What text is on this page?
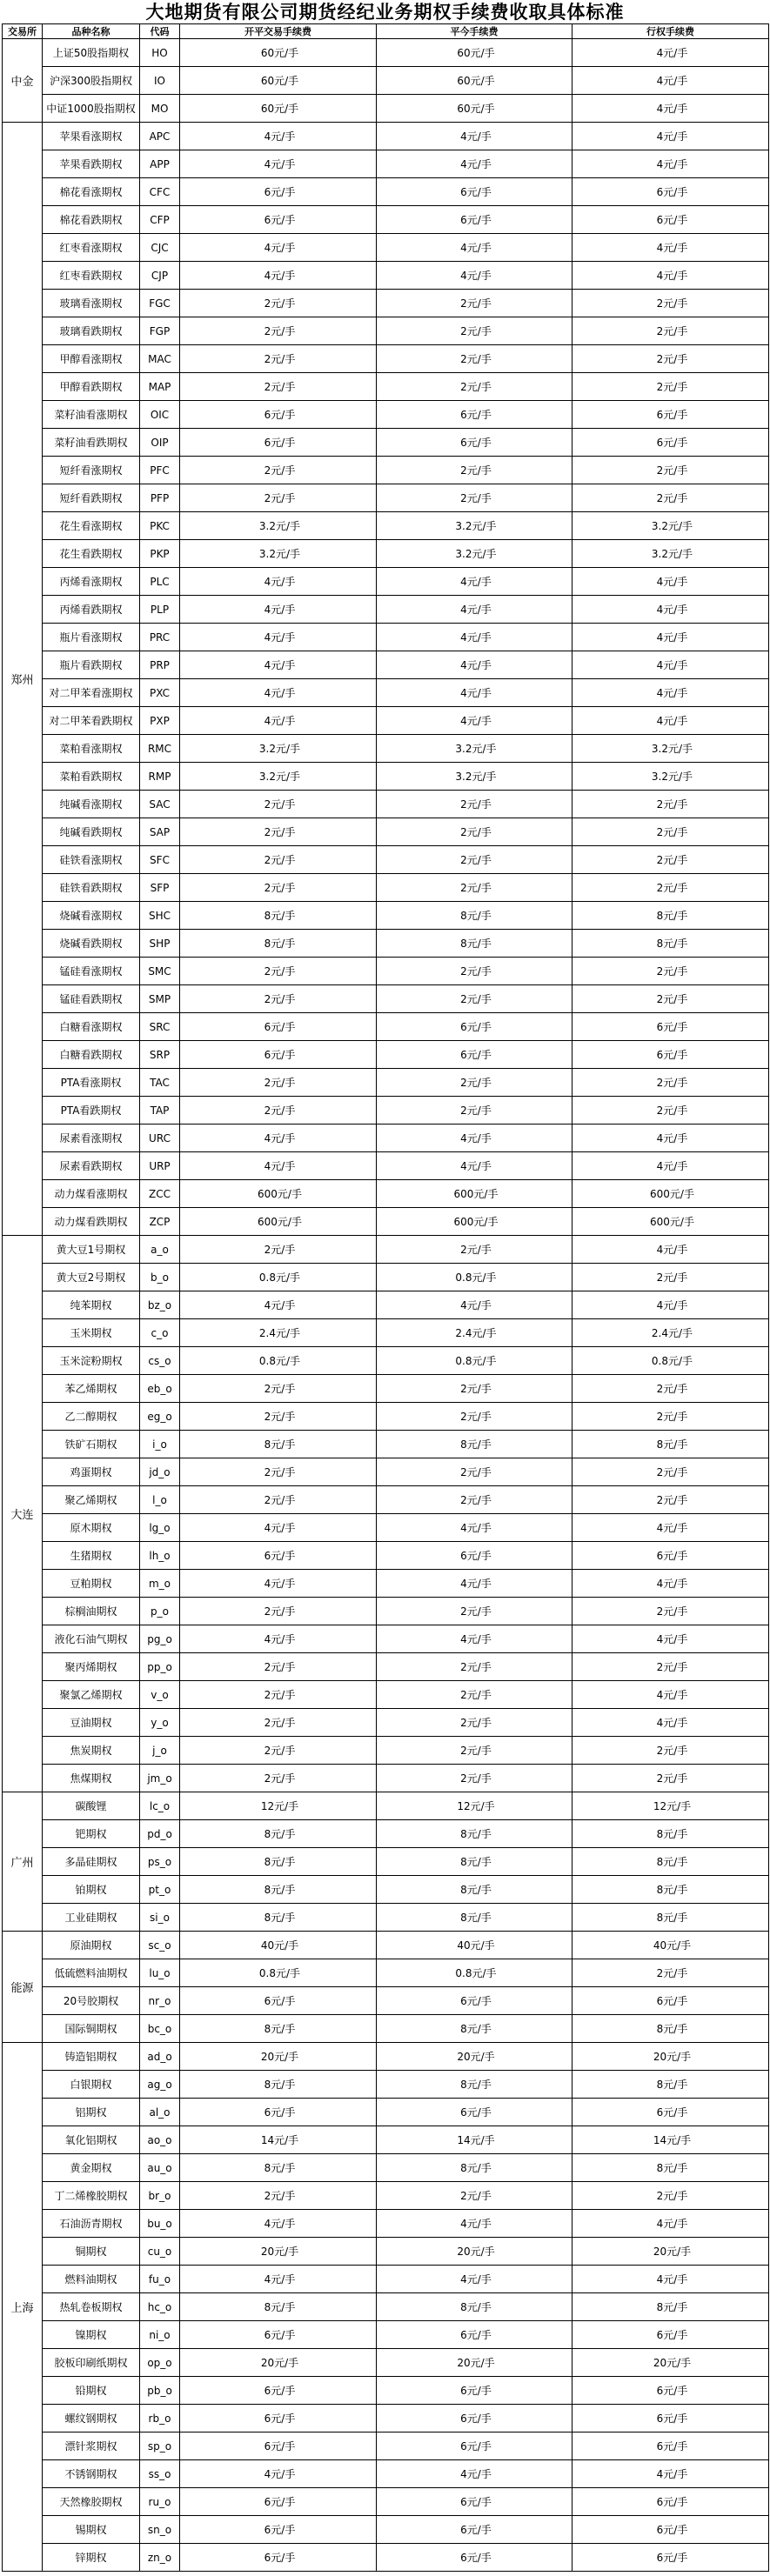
大地期货有限公司期货经纪业务期权手续费收取具体标准
交易所	品种名称	代码	开平交易手续费	平今手续费	行权手续费
中金	上证50股指期权	HO	60元/手	60元/手	4元/手
	沪深300股指期权	IO	60元/手	60元/手	4元/手
	中证1000股指期权	MO	60元/手	60元/手	4元/手
郑州	苹果看涨期权	APC	4元/手	4元/手	4元/手
	苹果看跌期权	APP	4元/手	4元/手	4元/手
	棉花看涨期权	CFC	6元/手	6元/手	6元/手
	棉花看跌期权	CFP	6元/手	6元/手	6元/手
	红枣看涨期权	CJC	4元/手	4元/手	4元/手
	红枣看跌期权	CJP	4元/手	4元/手	4元/手
	玻璃看涨期权	FGC	2元/手	2元/手	2元/手
	玻璃看跌期权	FGP	2元/手	2元/手	2元/手
	甲醇看涨期权	MAC	2元/手	2元/手	2元/手
	甲醇看跌期权	MAP	2元/手	2元/手	2元/手
	菜籽油看涨期权	OIC	6元/手	6元/手	6元/手
	菜籽油看跌期权	OIP	6元/手	6元/手	6元/手
	短纤看涨期权	PFC	2元/手	2元/手	2元/手
	短纤看跌期权	PFP	2元/手	2元/手	2元/手
	花生看涨期权	PKC	3.2元/手	3.2元/手	3.2元/手
	花生看跌期权	PKP	3.2元/手	3.2元/手	3.2元/手
	丙烯看涨期权	PLC	4元/手	4元/手	4元/手
	丙烯看跌期权	PLP	4元/手	4元/手	4元/手
	瓶片看涨期权	PRC	4元/手	4元/手	4元/手
	瓶片看跌期权	PRP	4元/手	4元/手	4元/手
	对二甲苯看涨期权	PXC	4元/手	4元/手	4元/手
	对二甲苯看跌期权	PXP	4元/手	4元/手	4元/手
	菜粕看涨期权	RMC	3.2元/手	3.2元/手	3.2元/手
	菜粕看跌期权	RMP	3.2元/手	3.2元/手	3.2元/手
	纯碱看涨期权	SAC	2元/手	2元/手	2元/手
	纯碱看跌期权	SAP	2元/手	2元/手	2元/手
	硅铁看涨期权	SFC	2元/手	2元/手	2元/手
	硅铁看跌期权	SFP	2元/手	2元/手	2元/手
	烧碱看涨期权	SHC	8元/手	8元/手	8元/手
	烧碱看跌期权	SHP	8元/手	8元/手	8元/手
	锰硅看涨期权	SMC	2元/手	2元/手	2元/手
	锰硅看跌期权	SMP	2元/手	2元/手	2元/手
	白糖看涨期权	SRC	6元/手	6元/手	6元/手
	白糖看跌期权	SRP	6元/手	6元/手	6元/手
	PTA看涨期权	TAC	2元/手	2元/手	2元/手
	PTA看跌期权	TAP	2元/手	2元/手	2元/手
	尿素看涨期权	URC	4元/手	4元/手	4元/手
	尿素看跌期权	URP	4元/手	4元/手	4元/手
	动力煤看涨期权	ZCC	600元/手	600元/手	600元/手
	动力煤看跌期权	ZCP	600元/手	600元/手	600元/手
大连	黄大豆1号期权	a_o	2元/手	2元/手	4元/手
	黄大豆2号期权	b_o	0.8元/手	0.8元/手	2元/手
	纯苯期权	bz_o	4元/手	4元/手	4元/手
	玉米期权	c_o	2.4元/手	2.4元/手	2.4元/手
	玉米淀粉期权	cs_o	0.8元/手	0.8元/手	0.8元/手
	苯乙烯期权	eb_o	2元/手	2元/手	2元/手
	乙二醇期权	eg_o	2元/手	2元/手	2元/手
	铁矿石期权	i_o	8元/手	8元/手	8元/手
	鸡蛋期权	jd_o	2元/手	2元/手	2元/手
	聚乙烯期权	l_o	2元/手	2元/手	2元/手
	原木期权	lg_o	4元/手	4元/手	4元/手
	生猪期权	lh_o	6元/手	6元/手	6元/手
	豆粕期权	m_o	4元/手	4元/手	4元/手
	棕榈油期权	p_o	2元/手	2元/手	2元/手
	液化石油气期权	pg_o	4元/手	4元/手	4元/手
	聚丙烯期权	pp_o	2元/手	2元/手	2元/手
	聚氯乙烯期权	v_o	2元/手	2元/手	4元/手
	豆油期权	y_o	2元/手	2元/手	4元/手
	焦炭期权	j_o	2元/手	2元/手	2元/手
	焦煤期权	jm_o	2元/手	2元/手	2元/手
广州	碳酸锂	lc_o	12元/手	12元/手	12元/手
	钯期权	pd_o	8元/手	8元/手	8元/手
	多晶硅期权	ps_o	8元/手	8元/手	8元/手
	铂期权	pt_o	8元/手	8元/手	8元/手
	工业硅期权	si_o	8元/手	8元/手	8元/手
能源	原油期权	sc_o	40元/手	40元/手	40元/手
	低硫燃料油期权	lu_o	0.8元/手	0.8元/手	2元/手
	20号胶期权	nr_o	6元/手	6元/手	6元/手
	国际铜期权	bc_o	8元/手	8元/手	8元/手
上海	铸造铝期权	ad_o	20元/手	20元/手	20元/手
	白银期权	ag_o	8元/手	8元/手	8元/手
	铝期权	al_o	6元/手	6元/手	6元/手
	氧化铝期权	ao_o	14元/手	14元/手	14元/手
	黄金期权	au_o	8元/手	8元/手	8元/手
	丁二烯橡胶期权	br_o	2元/手	2元/手	2元/手
	石油沥青期权	bu_o	4元/手	4元/手	4元/手
	铜期权	cu_o	20元/手	20元/手	20元/手
	燃料油期权	fu_o	4元/手	4元/手	4元/手
	热轧卷板期权	hc_o	8元/手	8元/手	8元/手
	镍期权	ni_o	6元/手	6元/手	6元/手
	胶板印刷纸期权	op_o	20元/手	20元/手	20元/手
	铅期权	pb_o	6元/手	6元/手	6元/手
	螺纹钢期权	rb_o	6元/手	6元/手	6元/手
	漂针浆期权	sp_o	6元/手	6元/手	6元/手
	不锈钢期权	ss_o	4元/手	4元/手	4元/手
	天然橡胶期权	ru_o	6元/手	6元/手	6元/手
	锡期权	sn_o	6元/手	6元/手	6元/手
	锌期权	zn_o	6元/手	6元/手	6元/手
